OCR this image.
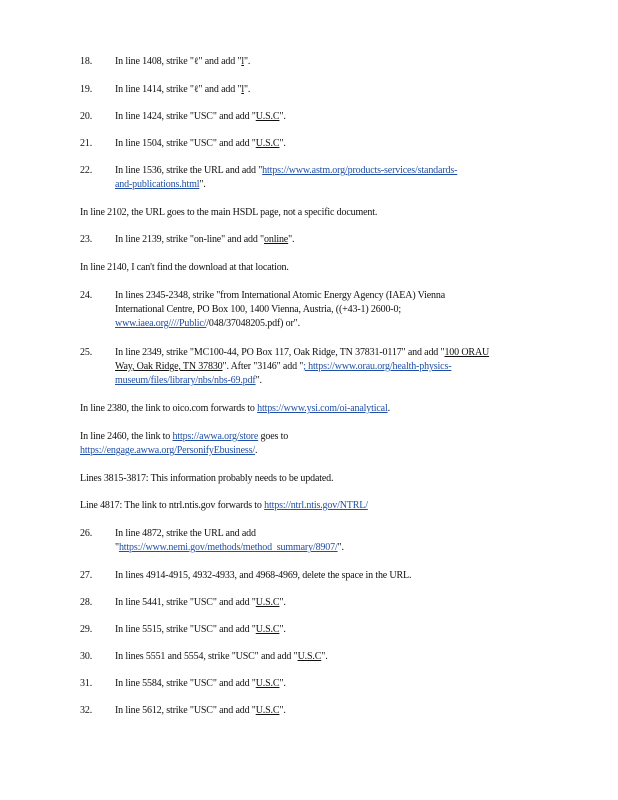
18. In line 1408, strike "ℓ" and add "l".
19. In line 1414, strike "ℓ" and add "l".
20. In line 1424, strike "USC" and add "U.S.C".
21. In line 1504, strike "USC" and add "U.S.C".
22. In line 1536, strike the URL and add "https://www.astm.org/products-services/standards-
and-publications.html".
In line 2102, the URL goes to the main HSDL page, not a specific document.
23. In line 2139, strike "on-line" and add "online".
In line 2140, I can't find the download at that location.
24. In lines 2345-2348, strike "from International Atomic Energy Agency (IAEA) Vienna
International Centre, PO Box 100, 1400 Vienna, Austria, ((+43-1) 2600-0;
www.iaea.org////Public//048/37048205.pdf) or".
25. In line 2349, strike "MC100-44, PO Box 117, Oak Ridge, TN 37831-0117" and add "100 ORAU
Way, Oak Ridge, TN 37830". After "3146" add "; https://www.orau.org/health-physics-
museum/files/library/nbs/nbs-69.pdf".
In line 2380, the link to oico.com forwards to https://www.ysi.com/oi-analytical.
In line 2460, the link to https://awwa.org/store goes to
https://engage.awwa.org/PersonifyEbusiness/.
Lines 3815-3817: This information probably needs to be updated.
Line 4817: The link to ntrl.ntis.gov forwards to https://ntrl.ntis.gov/NTRL/
26. In line 4872, strike the URL and add
"https://www.nemi.gov/methods/method_summary/8907/".
27. In lines 4914-4915, 4932-4933, and 4968-4969, delete the space in the URL.
28. In line 5441, strike "USC" and add "U.S.C".
29. In line 5515, strike "USC" and add "U.S.C".
30. In lines 5551 and 5554, strike "USC" and add "U.S.C".
31. In line 5584, strike "USC" and add "U.S.C".
32. In line 5612, strike "USC" and add "U.S.C".
